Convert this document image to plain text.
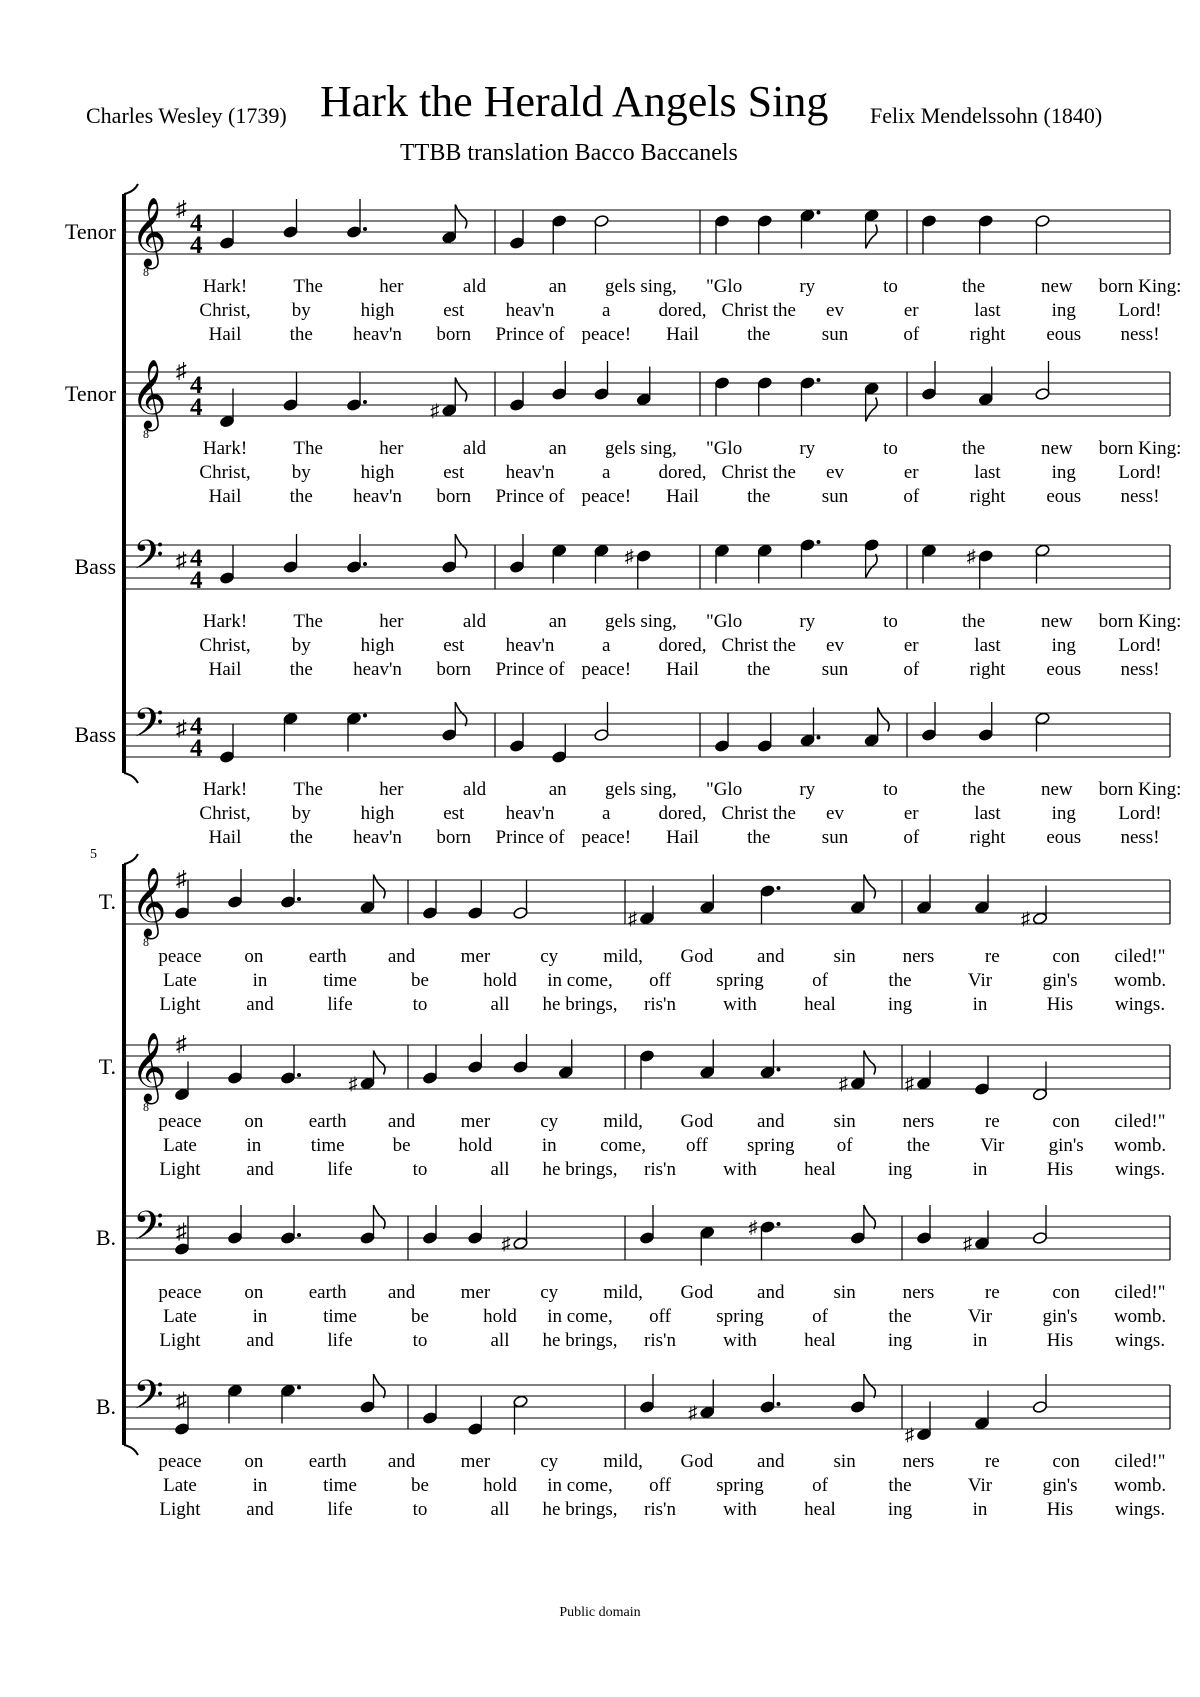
Charles Wesley (1739) Hark the Herald Angels Sing Felix Mendelssohn (1840)
TTBB translation Bacco Baccanels
Tenor 𝄞
8
♯
4
4
Hark! The	her	ald	an gels sing, "Glo	ry	to	the	new born King:
Christ, by	high	est heav'n	a	dored, Christ the ev	er	last	ing Lord!
Hail	the heav'n born Prince of peace! Hail	the	sun	of	right eous ness!
Tenor 𝄞
8
♯
4
4	♯
Hark! The	her	ald	an gels sing, "Glo	ry	to	the	new born King:
Christ, by	high	est heav'n	a	dored, Christ the ev	er	last	ing Lord!
Hail	the heav'n born Prince of peace! Hail	the	sun	of	right eous ness!
Bass 𝄢 ♯ 4
4
♯	♯
Hark! The	her	ald	an gels sing, "Glo	ry	to	the	new born King:
Christ, by	high	est heav'n	a	dored, Christ the ev	er	last	ing Lord!
Hail	the heav'n born Prince of peace! Hail	the	sun	of	right eous ness!
Bass 𝄢 ♯ 4
4
Hark! The	her	ald	an gels sing, "Glo	ry	to	the	new born King:
Christ, by	high	est heav'n	a	dored, Christ the ev	er	last	ing Lord!
Hail	the heav'n born Prince of peace! Hail	the	sun	of	right eous ness!
5
T. 𝄞
8
♯
♯	♯
peace on earth and mer	cy mild, God and	sin ners	re	con ciled!"
Late	in	time	be	hold in come, off spring	of	the	Vir	gin's womb.
Light and	life	to	all he brings, ris'n with heal	ing	in	His wings.
T. 𝄞
8
♯
♯	♯	♯
peace on earth and mer	cy mild, God and	sin ners	re	con ciled!"
Late	in	time	be	hold	in come, off spring of	the	Vir gin's womb.
Light and	life	to	all he brings, ris'n with heal	ing	in	His wings.
B. 𝄢 ♯	♯
♯
♯
peace on earth and mer	cy mild, God and	sin ners	re	con ciled!"
Late	in	time	be	hold in come, off spring	of	the	Vir	gin's womb.
Light and	life	to	all he brings, ris'n with heal	ing	in	His wings.
B. 𝄢 ♯	♯
♯
peace on earth and mer	cy mild, God and	sin ners	re	con ciled!"
Late	in	time	be	hold in come, off spring	of	the	Vir	gin's womb.
Light and	life	to	all he brings, ris'n with heal	ing	in	His wings.
Public domain
